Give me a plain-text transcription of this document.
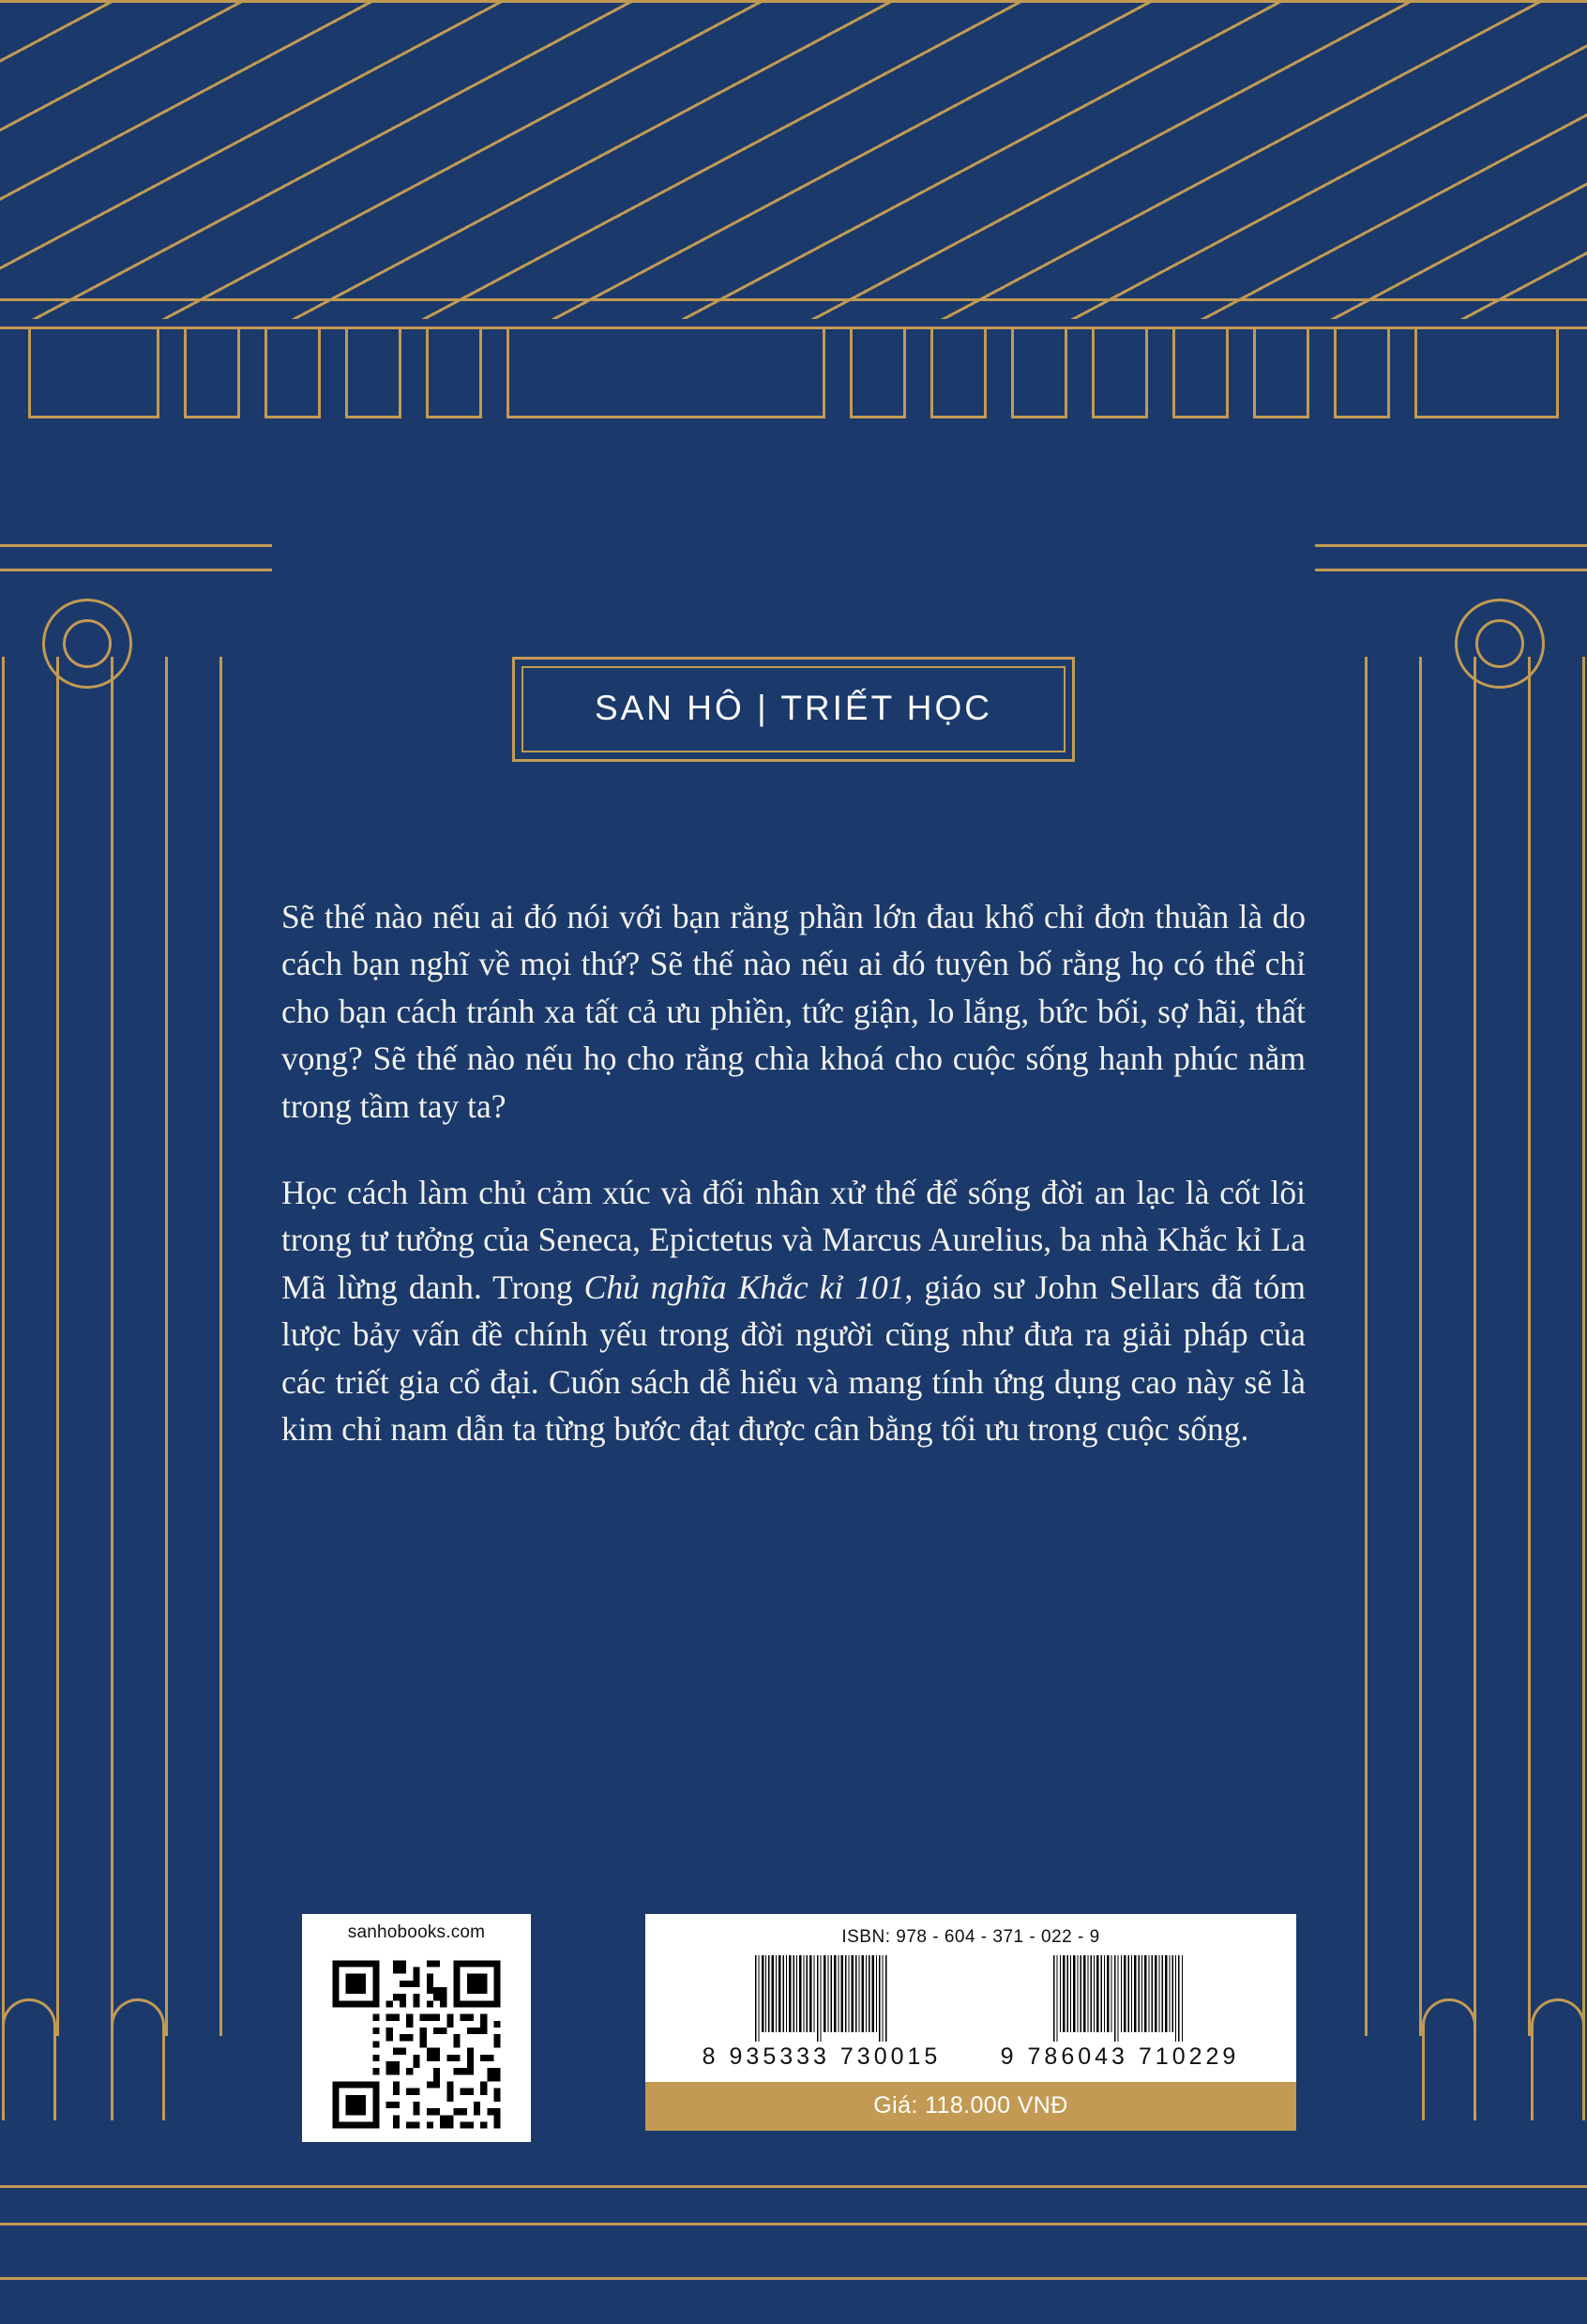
SAN HÔ | TRIẾT HỌC

Sẽ thế nào nếu ai đó nói với bạn rằng phần lớn đau khổ chỉ đơn thuần là do cách bạn nghĩ về mọi thứ? Sẽ thế nào nếu ai đó tuyên bố rằng họ có thể chỉ cho bạn cách tránh xa tất cả ưu phiền, tức giận, lo lắng, bức bối, sợ hãi, thất vọng? Sẽ thế nào nếu họ cho rằng chìa khoá cho cuộc sống hạnh phúc nằm trong tầm tay ta?

Học cách làm chủ cảm xúc và đối nhân xử thế để sống đời an lạc là cốt lõi trong tư tưởng của Seneca, Epictetus và Marcus Aurelius, ba nhà Khắc kỉ La Mã lừng danh. Trong Chủ nghĩa Khắc kỉ 101, giáo sư John Sellars đã tóm lược bảy vấn đề chính yếu trong đời người cũng như đưa ra giải pháp của các triết gia cổ đại. Cuốn sách dễ hiểu và mang tính ứng dụng cao này sẽ là kim chỉ nam dẫn ta từng bước đạt được cân bằng tối ưu trong cuộc sống.

sanhobooks.com	ISBN: 978 - 604 - 371 - 022 - 9
8 935333 730015	9 786043 710229
Giá: 118.000 VNĐ
